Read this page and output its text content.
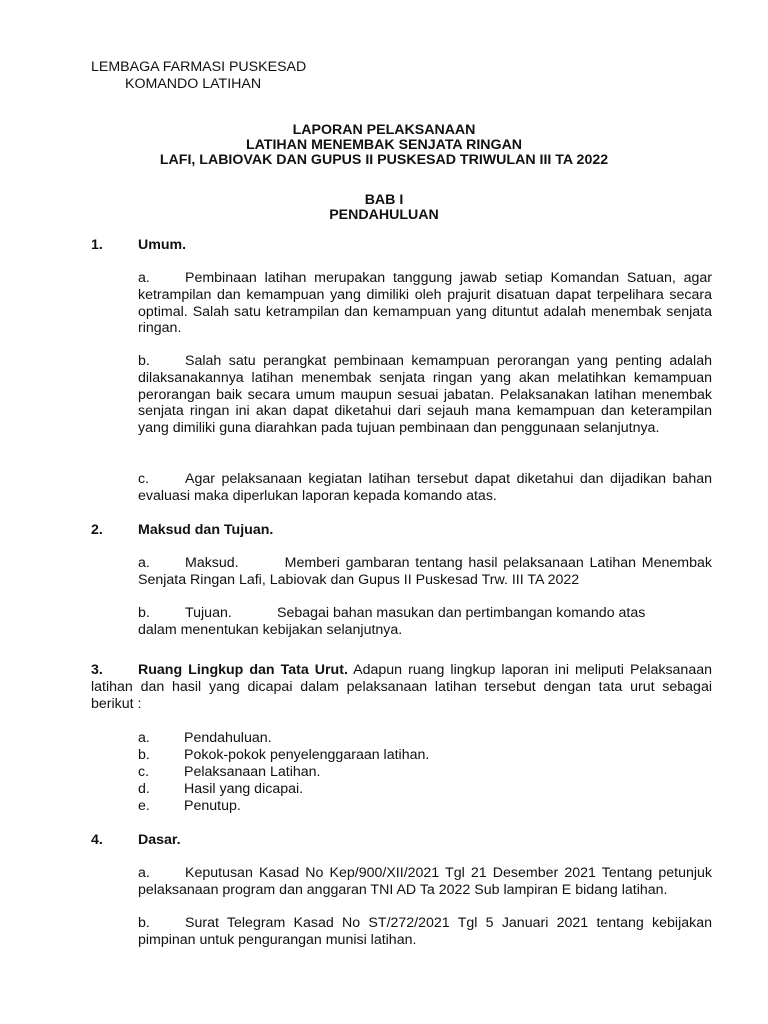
LEMBAGA FARMASI PUSKESAD
KOMANDO LATIHAN
LAPORAN PELAKSANAAN
LATIHAN MENEMBAK SENJATA RINGAN
LAFI, LABIOVAK DAN GUPUS II PUSKESAD TRIWULAN III TA 2022
BAB I
PENDAHULUAN
1. Umum.
a. Pembinaan latihan merupakan tanggung jawab setiap Komandan Satuan, agar ketrampilan dan kemampuan yang dimiliki oleh prajurit disatuan dapat terpelihara secara optimal. Salah satu ketrampilan dan kemampuan yang dituntut adalah menembak senjata ringan.
b. Salah satu perangkat pembinaan kemampuan perorangan yang penting adalah dilaksanakannya latihan menembak senjata ringan yang akan melatihkan kemampuan perorangan baik secara umum maupun sesuai jabatan. Pelaksanakan latihan menembak senjata ringan ini akan dapat diketahui dari sejauh mana kemampuan dan keterampilan yang dimiliki guna diarahkan pada tujuan pembinaan dan penggunaan selanjutnya.
c.	Agar pelaksanaan kegiatan latihan tersebut dapat diketahui dan dijadikan bahan evaluasi maka diperlukan laporan kepada komando atas.
2. Maksud dan Tujuan.
a. Maksud.	Memberi gambaran tentang hasil pelaksanaan Latihan Menembak Senjata Ringan Lafi, Labiovak dan Gupus II Puskesad Trw. III TA 2022
b. Tujuan.	Sebagai bahan masukan dan pertimbangan komando atas
dalam menentukan kebijakan selanjutnya.
3. Ruang Lingkup dan Tata Urut. Adapun ruang lingkup laporan ini meliputi Pelaksanaan latihan dan hasil yang dicapai dalam pelaksanaan latihan tersebut dengan tata urut sebagai berikut :
a. Pendahuluan.
b. Pokok-pokok penyelenggaraan latihan.
c. Pelaksanaan Latihan.
d. Hasil yang dicapai.
e. Penutup.
4. Dasar.
a. Keputusan Kasad No Kep/900/XII/2021 Tgl 21 Desember 2021 Tentang petunjuk pelaksanaan program dan anggaran TNI AD Ta 2022 Sub lampiran E bidang latihan.
b. Surat Telegram Kasad No ST/272/2021 Tgl 5 Januari 2021 tentang kebijakan pimpinan untuk pengurangan munisi latihan.
